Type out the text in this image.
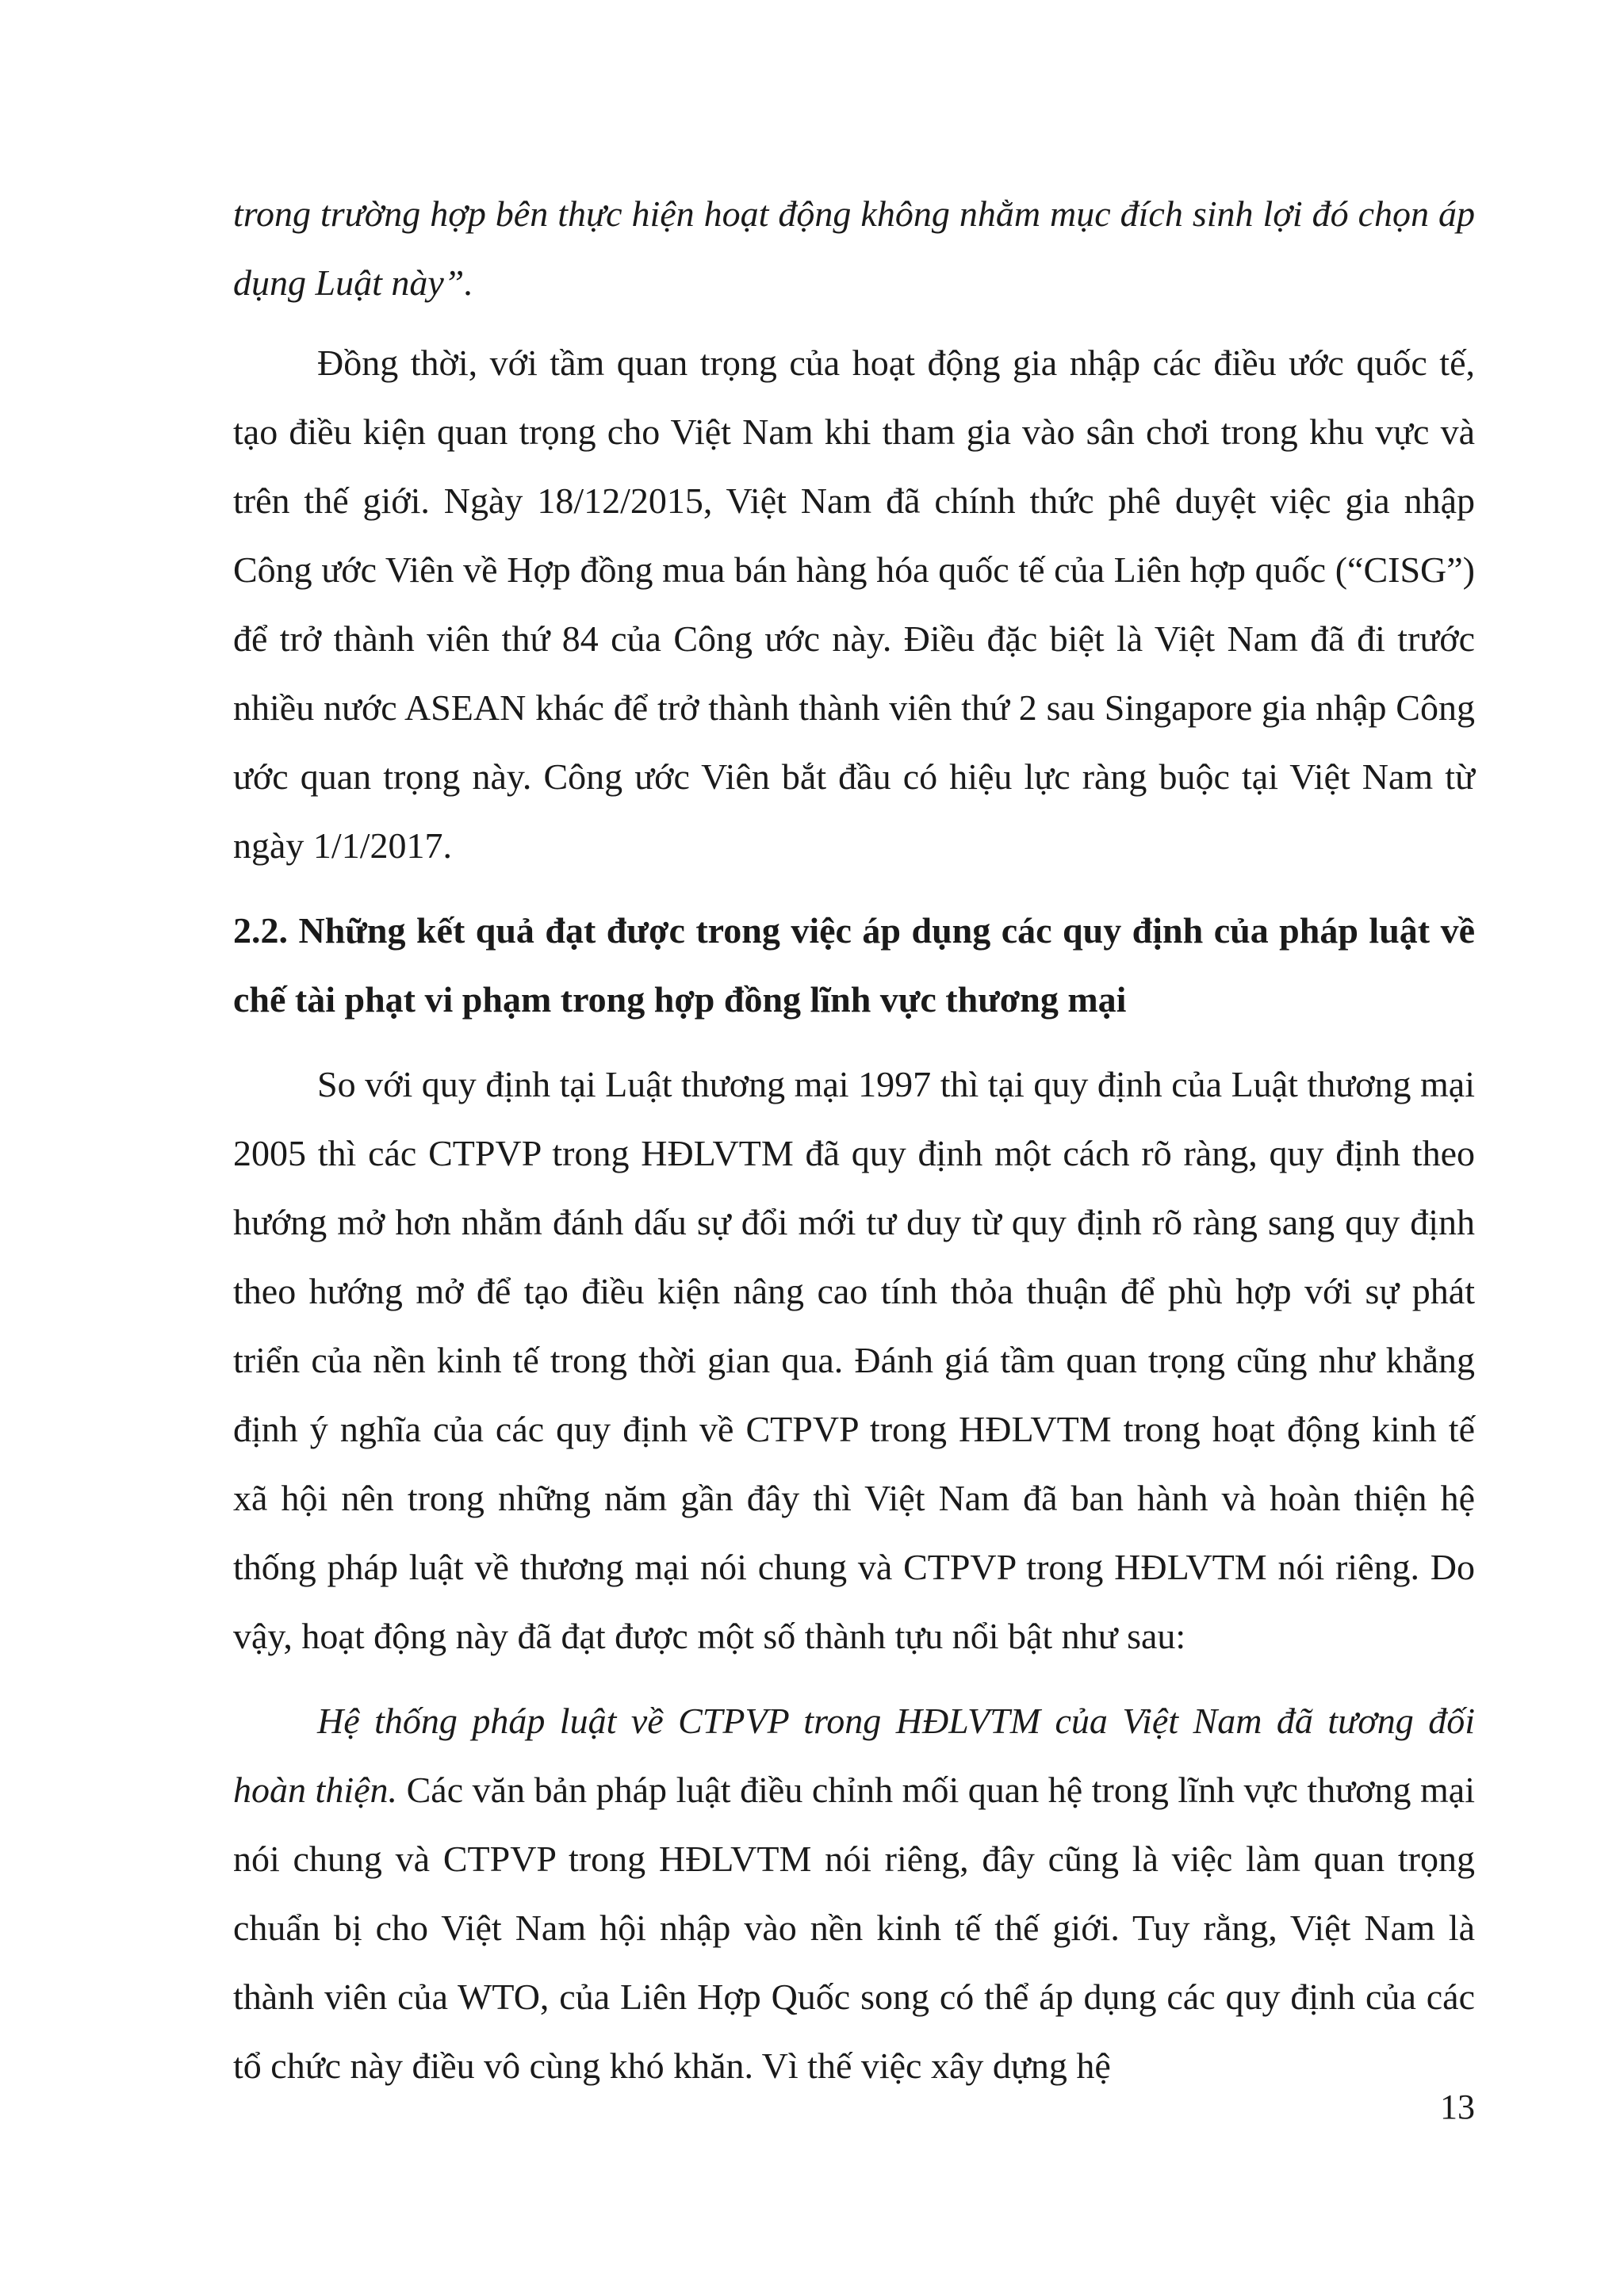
trong trường hợp bên thực hiện hoạt động không nhằm mục đích sinh lợi đó chọn áp dụng Luật này”.

Đồng thời, với tầm quan trọng của hoạt động gia nhập các điều ước quốc tế, tạo điều kiện quan trọng cho Việt Nam khi tham gia vào sân chơi trong khu vực và trên thế giới. Ngày 18/12/2015, Việt Nam đã chính thức phê duyệt việc gia nhập Công ước Viên về Hợp đồng mua bán hàng hóa quốc tế của Liên hợp quốc (“CISG”) để trở thành viên thứ 84 của Công ước này. Điều đặc biệt là Việt Nam đã đi trước nhiều nước ASEAN khác để trở thành thành viên thứ 2 sau Singapore gia nhập Công ước quan trọng này. Công ước Viên bắt đầu có hiệu lực ràng buộc tại Việt Nam từ ngày 1/1/2017.

2.2. Những kết quả đạt được trong việc áp dụng các quy định của pháp luật về chế tài phạt vi phạm trong hợp đồng lĩnh vực thương mại

So với quy định tại Luật thương mại 1997 thì tại quy định của Luật thương mại 2005 thì các CTPVP trong HĐLVTM đã quy định một cách rõ ràng, quy định theo hướng mở hơn nhằm đánh dấu sự đổi mới tư duy từ quy định rõ ràng sang quy định theo hướng mở để tạo điều kiện nâng cao tính thỏa thuận để phù hợp với sự phát triển của nền kinh tế trong thời gian qua. Đánh giá tầm quan trọng cũng như khẳng định ý nghĩa của các quy định về CTPVP trong HĐLVTM trong hoạt động kinh tế xã hội nên trong những năm gần đây thì Việt Nam đã ban hành và hoàn thiện hệ thống pháp luật về thương mại nói chung và CTPVP trong HĐLVTM nói riêng. Do vậy, hoạt động này đã đạt được một số thành tựu nổi bật như sau:

Hệ thống pháp luật về CTPVP trong HĐLVTM của Việt Nam đã tương đối hoàn thiện. Các văn bản pháp luật điều chỉnh mối quan hệ trong lĩnh vực thương mại nói chung và CTPVP trong HĐLVTM nói riêng, đây cũng là việc làm quan trọng chuẩn bị cho Việt Nam hội nhập vào nền kinh tế thế giới. Tuy rằng, Việt Nam là thành viên của WTO, của Liên Hợp Quốc song có thể áp dụng các quy định của các tổ chức này điều vô cùng khó khăn. Vì thế việc xây dựng hệ

13
